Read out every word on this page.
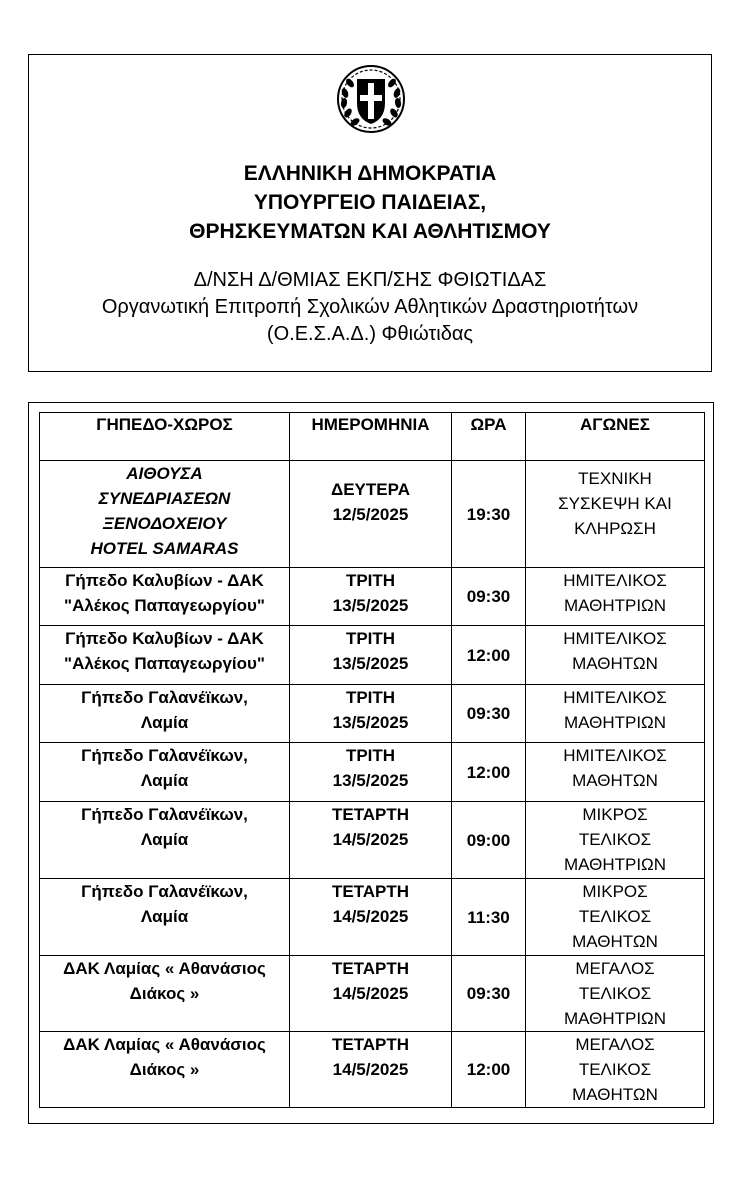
ΕΛΛΗΝΙΚΗ ΔΗΜΟΚΡΑΤΙΑ
ΥΠΟΥΡΓΕΙΟ ΠΑΙΔΕΙΑΣ,
ΘΡΗΣΚΕΥΜΑΤΩΝ ΚΑΙ ΑΘΛΗΤΙΣΜΟΥ
Δ/ΝΣΗ Δ/ΘΜΙΑΣ ΕΚΠ/ΣΗΣ ΦΘΙΩΤΙΔΑΣ
Οργανωτική Επιτροπή Σχολικών Αθλητικών Δραστηριοτήτων
(Ο.Ε.Σ.Α.Δ.) Φθιώτιδας
ΓΗΠΕΔΟ-ΧΩΡΟΣ	ΗΜΕΡΟΜΗΝΙΑ	ΩΡΑ	ΑΓΩΝΕΣ

ΑΙΘΟΥΣΑ
ΣΥΝΕΔΡΙΑΣΕΩΝ
ΞΕΝΟΔΟΧΕΙΟΥ
HOTEL SAMARAS	ΔΕΥΤΕΡΑ
12/5/2025	19:30	ΤΕΧΝΙΚΗ
ΣΥΣΚΕΨΗ ΚΑΙ
ΚΛΗΡΩΣΗ

Γήπεδο Καλυβίων - ΔΑΚ
"Αλέκος Παπαγεωργίου"	ΤΡΙΤΗ
13/5/2025	09:30	ΗΜΙΤΕΛΙΚΟΣ
ΜΑΘΗΤΡΙΩΝ

Γήπεδο Καλυβίων - ΔΑΚ
"Αλέκος Παπαγεωργίου"	ΤΡΙΤΗ
13/5/2025	12:00	ΗΜΙΤΕΛΙΚΟΣ
ΜΑΘΗΤΩΝ

Γήπεδο Γαλανέϊκων,
Λαμία	ΤΡΙΤΗ
13/5/2025	09:30	ΗΜΙΤΕΛΙΚΟΣ
ΜΑΘΗΤΡΙΩΝ

Γήπεδο Γαλανέϊκων,
Λαμία	ΤΡΙΤΗ
13/5/2025	12:00	ΗΜΙΤΕΛΙΚΟΣ
ΜΑΘΗΤΩΝ

Γήπεδο Γαλανέϊκων,
Λαμία	ΤΕΤΑΡΤΗ
14/5/2025	09:00	ΜΙΚΡΟΣ
ΤΕΛΙΚΟΣ
ΜΑΘΗΤΡΙΩΝ

Γήπεδο Γαλανέϊκων,
Λαμία	ΤΕΤΑΡΤΗ
14/5/2025	11:30	ΜΙΚΡΟΣ
ΤΕΛΙΚΟΣ
ΜΑΘΗΤΩΝ

ΔΑΚ Λαμίας « Αθανάσιος
Διάκος »	ΤΕΤΑΡΤΗ
14/5/2025	09:30	ΜΕΓΑΛΟΣ
ΤΕΛΙΚΟΣ
ΜΑΘΗΤΡΙΩΝ

ΔΑΚ Λαμίας « Αθανάσιος
Διάκος »	ΤΕΤΑΡΤΗ
14/5/2025	12:00	ΜΕΓΑΛΟΣ
ΤΕΛΙΚΟΣ
ΜΑΘΗΤΩΝ
